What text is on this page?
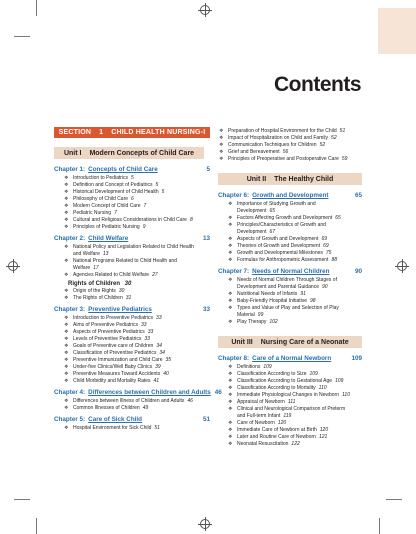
Contents
SECTION 1 CHILD HEALTH NURSING-I
Unit I Modern Concepts of Child Care
Chapter 1: Concepts of Child Care	5
❖ Introduction to Pediatrics 5
❖ Definition and Concept of Pediatrics 5
❖ Historical Development of Child Health 5
❖ Philosophy of Child Care 6
❖ Modern Concept of Child Care 7
❖ Pediatric Nursing 7
❖ Cultural and Religious Considerations in Child Care 8
❖ Principles of Pediatric Nursing 9
Chapter 2: Child Welfare	13
❖ National Policy and Legislation Related to Child Health and Welfare 13
❖ National Programs Related to Child Health and Welfare 17
❖ Agencies Related to Child Welfare 27
Rights of Children 30
❖ Origin of the Rights 30
❖ The Rights of Children 31
Chapter 3: Preventive Pediatrics	33
❖ Introduction to Preventive Pediatrics 33
❖ Aims of Preventive Pediatrics 33
❖ Aspects of Preventive Pediatrics 33
❖ Levels of Preventive Pediatrics 33
❖ Goals of Preventive care of Children 34
❖ Classification of Preventive Pediatrics 34
❖ Preventive Immunization and Child Care 35
❖ Under-five Clinics/Well Baby Clinics 39
❖ Preventive Measures Toward Accidents 40
❖ Child Morbidity and Mortality Rates 41
Chapter 4: Differences between Children and Adults 46
❖ Differences between Illness of Children and Adults 46
❖ Common Illnesses of Children 49
Chapter 5: Care of Sick Child	51
❖ Hospital Environment for Sick Child 51
❖ Preparation of Hospital Environment for the Child 51
❖ Impact of Hospitalization on Child and Family 52
❖ Communication Techniques for Children 52
❖ Grief and Bereavement 56
❖ Principles of Preoperative and Postoperative Care 59
Unit II The Healthy Child
Chapter 6: Growth and Development	65
❖ Importance of Studying Growth and Development 65
❖ Factors Affecting Growth and Development 65
❖ Principles/Characteristics of Growth and Development 67
❖ Aspects of Growth and Development 69
❖ Theories of Growth and Development 69
❖ Growth and Developmental Milestones 75
❖ Formulas for Anthropometric Assessment 88
Chapter 7: Needs of Normal Children	90
❖ Needs of Normal Children Through Stages of Development and Parental Guidance 90
❖ Nutritional Needs of Infants 91
❖ Baby-Friendly Hospital Initiative 98
❖ Types and Value of Play and Selection of Play Material 99
❖ Play Therapy 102
Unit III Nursing Care of a Neonate
Chapter 8: Care of a Normal Newborn	109
❖ Definitions 109
❖ Classification According to Size 109
❖ Classification According to Gestational Age 109
❖ Classification According to Mortality 110
❖ Immediate Physiological Changes in Newborn 110
❖ Appraisal of Newborn 111
❖ Clinical and Neurological Comparison of Preterm and Full-term Infant 119
❖ Care of Newborn 120
❖ Immediate Care of Newborn at Birth 120
❖ Later and Routine Care of Newborn 121
❖ Neonatal Resuscitation 122
